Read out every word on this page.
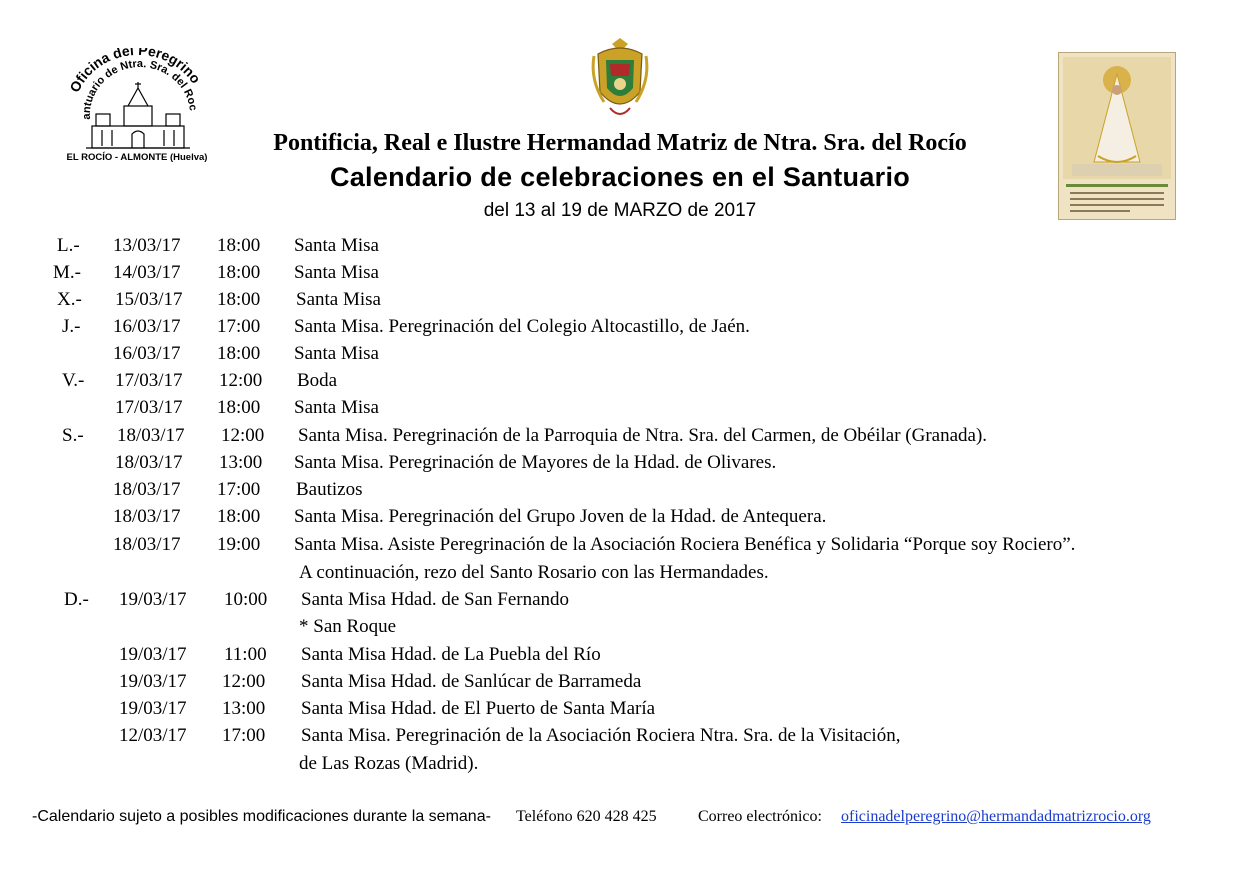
Oficina del Peregrino
antuario de Ntra. Sra. del Roc
EL ROCÍO - ALMONTE (Huelva)
Pontificia, Real e Ilustre Hermandad Matriz de Ntra. Sra. del Rocío
Calendario de celebraciones en el Santuario
del 13 al 19 de MARZO de 2017
L.- 13/03/17 18:00 Santa Misa
M.- 14/03/17 18:00 Santa Misa
X.- 15/03/17 18:00 Santa Misa
J.- 16/03/17 17:00 Santa Misa. Peregrinación del Colegio Altocastillo, de Jaén.
16/03/17 18:00 Santa Misa
V.- 17/03/17 12:00 Boda
17/03/17 18:00 Santa Misa
S.- 18/03/17 12:00 Santa Misa. Peregrinación de la Parroquia de Ntra. Sra. del Carmen, de Obéilar (Granada).
18/03/17 13:00 Santa Misa. Peregrinación de Mayores de la Hdad. de Olivares.
18/03/17 17:00 Bautizos
18/03/17 18:00 Santa Misa. Peregrinación del Grupo Joven de la Hdad. de Antequera.
18/03/17 19:00 Santa Misa. Asiste Peregrinación de la Asociación Rociera Benéfica y Solidaria “Porque soy Rociero”.
A continuación, rezo del Santo Rosario con las Hermandades.
D.- 19/03/17 10:00 Santa Misa Hdad. de San Fernando
* San Roque
19/03/17 11:00 Santa Misa Hdad. de La Puebla del Río
19/03/17 12:00 Santa Misa Hdad. de Sanlúcar de Barrameda
19/03/17 13:00 Santa Misa Hdad. de El Puerto de Santa María
12/03/17 17:00 Santa Misa. Peregrinación de la Asociación Rociera Ntra. Sra. de la Visitación,
de Las Rozas (Madrid).
-Calendario sujeto a posibles modificaciones durante la semana- Teléfono 620 428 425	Correo electrónico: oficinadelperegrino@hermandadmatrizrocio.org
